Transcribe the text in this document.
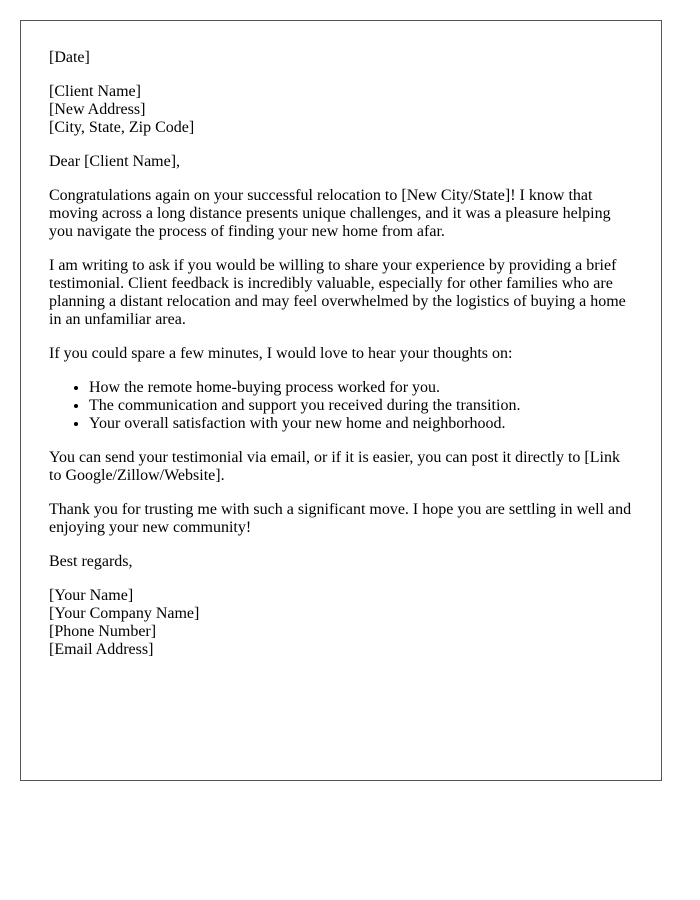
[Date]

[Client Name]
[New Address]
[City, State, Zip Code]

Dear [Client Name],

Congratulations again on your successful relocation to [New City/State]! I know that moving across a long distance presents unique challenges, and it was a pleasure helping you navigate the process of finding your new home from afar.

I am writing to ask if you would be willing to share your experience by providing a brief testimonial. Client feedback is incredibly valuable, especially for other families who are planning a distant relocation and may feel overwhelmed by the logistics of buying a home in an unfamiliar area.

If you could spare a few minutes, I would love to hear your thoughts on:

• How the remote home-buying process worked for you.
• The communication and support you received during the transition.
• Your overall satisfaction with your new home and neighborhood.

You can send your testimonial via email, or if it is easier, you can post it directly to [Link to Google/Zillow/Website].

Thank you for trusting me with such a significant move. I hope you are settling in well and enjoying your new community!

Best regards,

[Your Name]
[Your Company Name]
[Phone Number]
[Email Address]
